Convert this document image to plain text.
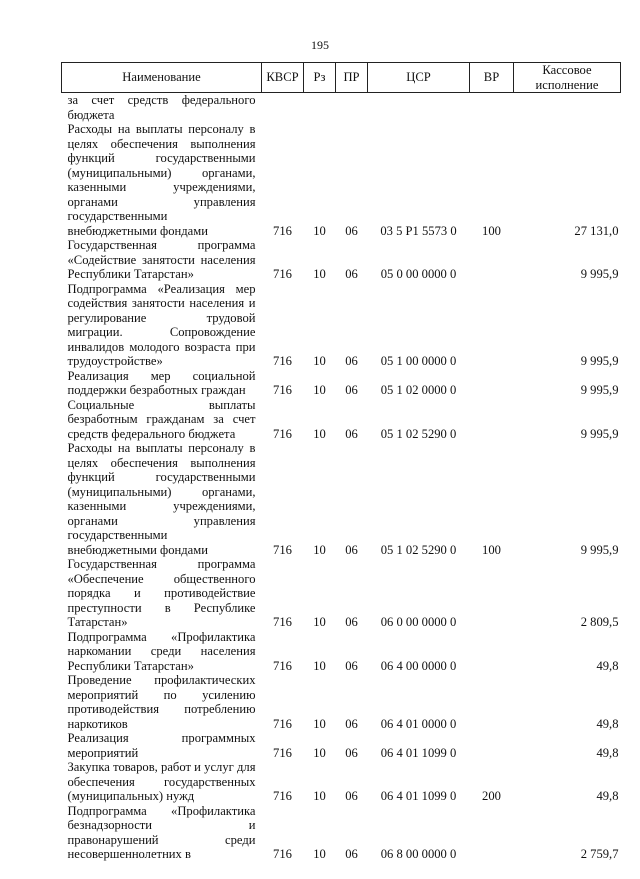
195
Наименование	КВСР	Рз	ПР	ЦСР	ВР	Кассовое исполнение
за счет средств федерального бюджета						
Расходы на выплаты персоналу в целях обеспечения выполнения функций государственными (муниципальными) органами, казенными учреждениями, органами управления государственными внебюджетными фондами	716	10	06	03 5 P1 5573 0	100	27 131,0
Государственная программа «Содействие занятости населения Республики Татарстан»	716	10	06	05 0 00 0000 0		9 995,9
Подпрограмма «Реализация мер содействия занятости населения и регулирование трудовой миграции. Сопровождение инвалидов молодого возраста при трудоустройстве»	716	10	06	05 1 00 0000 0		9 995,9
Реализация мер социальной поддержки безработных граждан	716	10	06	05 1 02 0000 0		9 995,9
Социальные выплаты безработным гражданам за счет средств федерального бюджета	716	10	06	05 1 02 5290 0		9 995,9
Расходы на выплаты персоналу в целях обеспечения выполнения функций государственными (муниципальными) органами, казенными учреждениями, органами управления государственными внебюджетными фондами	716	10	06	05 1 02 5290 0	100	9 995,9
Государственная программа «Обеспечение общественного порядка и противодействие преступности в Республике Татарстан»	716	10	06	06 0 00 0000 0		2 809,5
Подпрограмма «Профилактика наркомании среди населения Республики Татарстан»	716	10	06	06 4 00 0000 0		49,8
Проведение профилактических мероприятий по усилению противодействия потреблению наркотиков	716	10	06	06 4 01 0000 0		49,8
Реализация программных мероприятий	716	10	06	06 4 01 1099 0		49,8
Закупка товаров, работ и услуг для обеспечения государственных (муниципальных) нужд	716	10	06	06 4 01 1099 0	200	49,8
Подпрограмма «Профилактика безнадзорности и правонарушений среди несовершеннолетних в	716	10	06	06 8 00 0000 0		2 759,7
